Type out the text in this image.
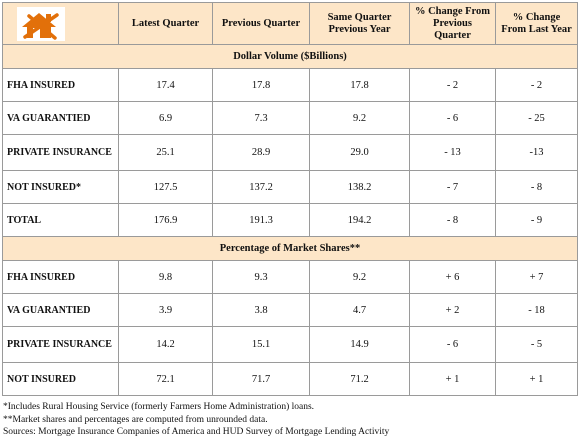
	Latest Quarter	Previous Quarter	Same Quarter Previous Year	% Change From Previous Quarter	% Change From Last Year
Dollar Volume ($Billions)					
FHA INSURED	17.4	17.8	17.8	- 2	- 2
VA GUARANTIED	6.9	7.3	9.2	- 6	- 25
PRIVATE INSURANCE	25.1	28.9	29.0	- 13	-13
NOT INSURED*	127.5	137.2	138.2	- 7	- 8
TOTAL	176.9	191.3	194.2	- 8	- 9
Percentage of Market Shares**					
FHA INSURED	9.8	9.3	9.2	+ 6	+ 7
VA GUARANTIED	3.9	3.8	4.7	+ 2	- 18
PRIVATE INSURANCE	14.2	15.1	14.9	- 6	- 5
NOT INSURED	72.1	71.7	71.2	+ 1	+ 1
*Includes Rural Housing Service (formerly Farmers Home Administration) loans.
**Market shares and percentages are computed from unrounded data.
Sources: Mortgage Insurance Companies of America and HUD Survey of Mortgage Lending Activity
